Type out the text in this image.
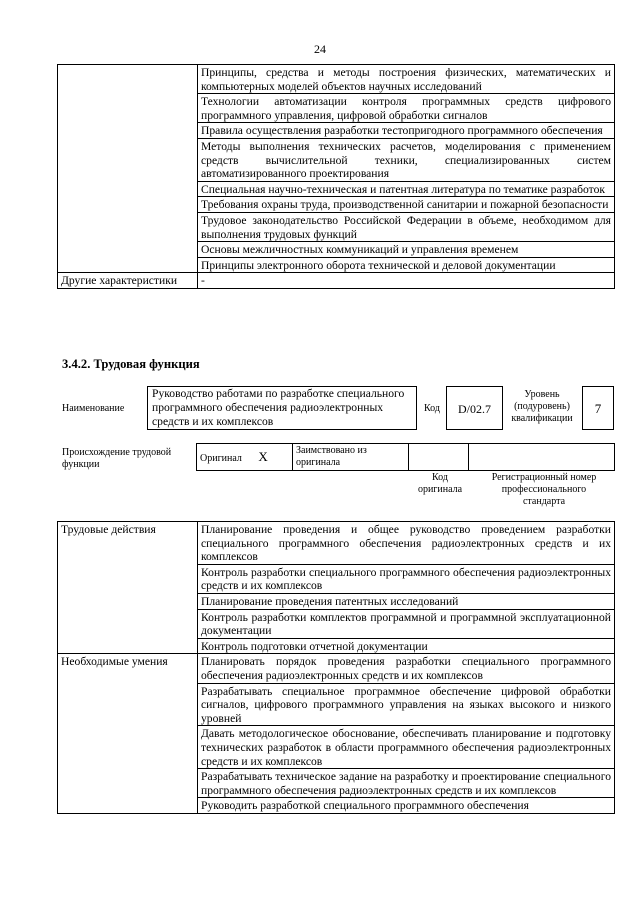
24
	Принципы, средства и методы построения физических, математических и компьютерных моделей объектов научных исследований
	Технологии автоматизации контроля программных средств цифрового программного управления, цифровой обработки сигналов
	Правила осуществления разработки тестопригодного программного обеспечения
	Методы выполнения технических расчетов, моделирования с применением средств вычислительной техники, специализированных систем автоматизированного проектирования
	Специальная научно-техническая и патентная литература по тематике разработок
	Требования охраны труда, производственной санитарии и пожарной безопасности
	Трудовое законодательство Российской Федерации в объеме, необходимом для выполнения трудовых функций
	Основы межличностных коммуникаций и управления временем
	Принципы электронного оборота технической и деловой документации
Другие характеристики	-
3.4.2. Трудовая функция
Наименование
Руководство работами по разработке специального программного обеспечения радиоэлектронных средств и их комплексов
Код	D/02.7
Уровень (подуровень) квалификации
7
Происхождение трудовой функции
Оригинал X	Заимствовано из оригинала		
Код оригинала
Регистрационный номер профессионального стандарта
Трудовые действия	Планирование проведения и общее руководство проведением разработки специального программного обеспечения радиоэлектронных средств и их комплексов
	Контроль разработки специального программного обеспечения радиоэлектронных средств и их комплексов
	Планирование проведения патентных исследований
	Контроль разработки комплектов программной и программной эксплуатационной документации
	Контроль подготовки отчетной документации
Необходимые умения	Планировать порядок проведения разработки специального программного обеспечения радиоэлектронных средств и их комплексов
	Разрабатывать специальное программное обеспечение цифровой обработки сигналов, цифрового программного управления на языках высокого и низкого уровней
	Давать методологическое обоснование, обеспечивать планирование и подготовку технических разработок в области программного обеспечения радиоэлектронных средств и их комплексов
	Разрабатывать техническое задание на разработку и проектирование специального программного обеспечения радиоэлектронных средств и их комплексов
	Руководить разработкой специального программного обеспечения
